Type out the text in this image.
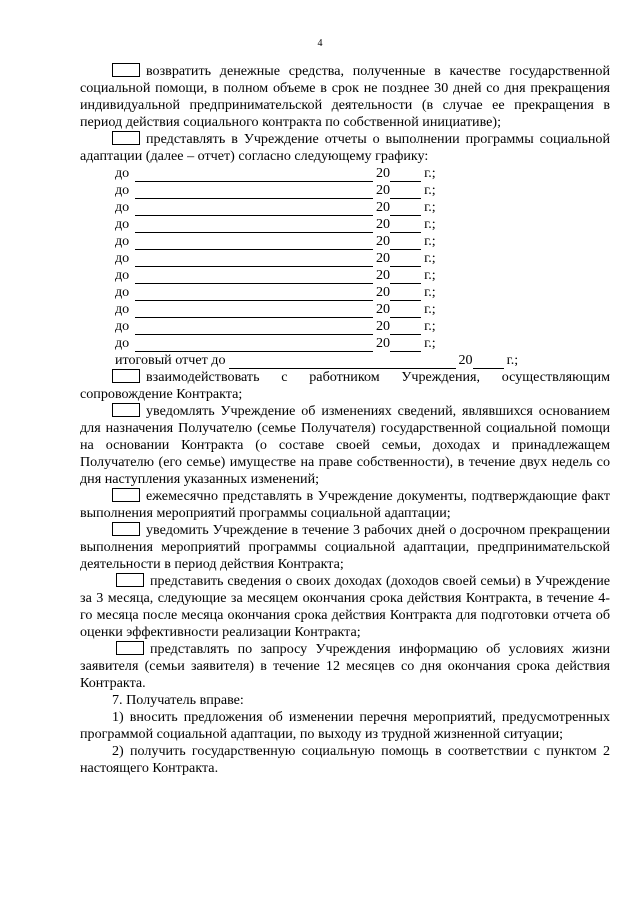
4

возвратить денежные средства, полученные в качестве государственной социальной помощи, в полном объеме в срок не позднее 30 дней со дня прекращения индивидуальной предпринимательской деятельности (в случае ее прекращения в период действия социального контракта по собственной инициативе);

представлять в Учреждение отчеты о выполнении программы социальной адаптации (далее – отчет) согласно следующему графику:

до	20 г.;
до	20 г.;
до	20 г.;
до	20 г.;
до	20 г.;
до	20 г.;
до	20 г.;
до	20 г.;
до	20 г.;
до	20 г.;
до	20 г.;
итоговый отчет до	20 г.;

взаимодействовать с работником Учреждения, осуществляющим сопровождение Контракта;

уведомлять Учреждение об изменениях сведений, являвшихся основанием для назначения Получателю (семье Получателя) государственной социальной помощи на основании Контракта (о составе своей семьи, доходах и принадлежащем Получателю (его семье) имуществе на праве собственности), в течение двух недель со дня наступления указанных изменений;

ежемесячно представлять в Учреждение документы, подтверждающие факт выполнения мероприятий программы социальной адаптации;

уведомить Учреждение в течение 3 рабочих дней о досрочном прекращении выполнения мероприятий программы социальной адаптации, предпринимательской деятельности в период действия Контракта;

представить сведения о своих доходах (доходов своей семьи) в Учреждение за 3 месяца, следующие за месяцем окончания срока действия Контракта, в течение 4-го месяца после месяца окончания срока действия Контракта для подготовки отчета об оценки эффективности реализации Контракта;

представлять по запросу Учреждения информацию об условиях жизни заявителя (семьи заявителя) в течение 12 месяцев со дня окончания срока действия Контракта.

7. Получатель вправе:

1) вносить предложения об изменении перечня мероприятий, предусмотренных программой социальной адаптации, по выходу из трудной жизненной ситуации;

2) получить государственную социальную помощь в соответствии с пунктом 2 настоящего Контракта.
